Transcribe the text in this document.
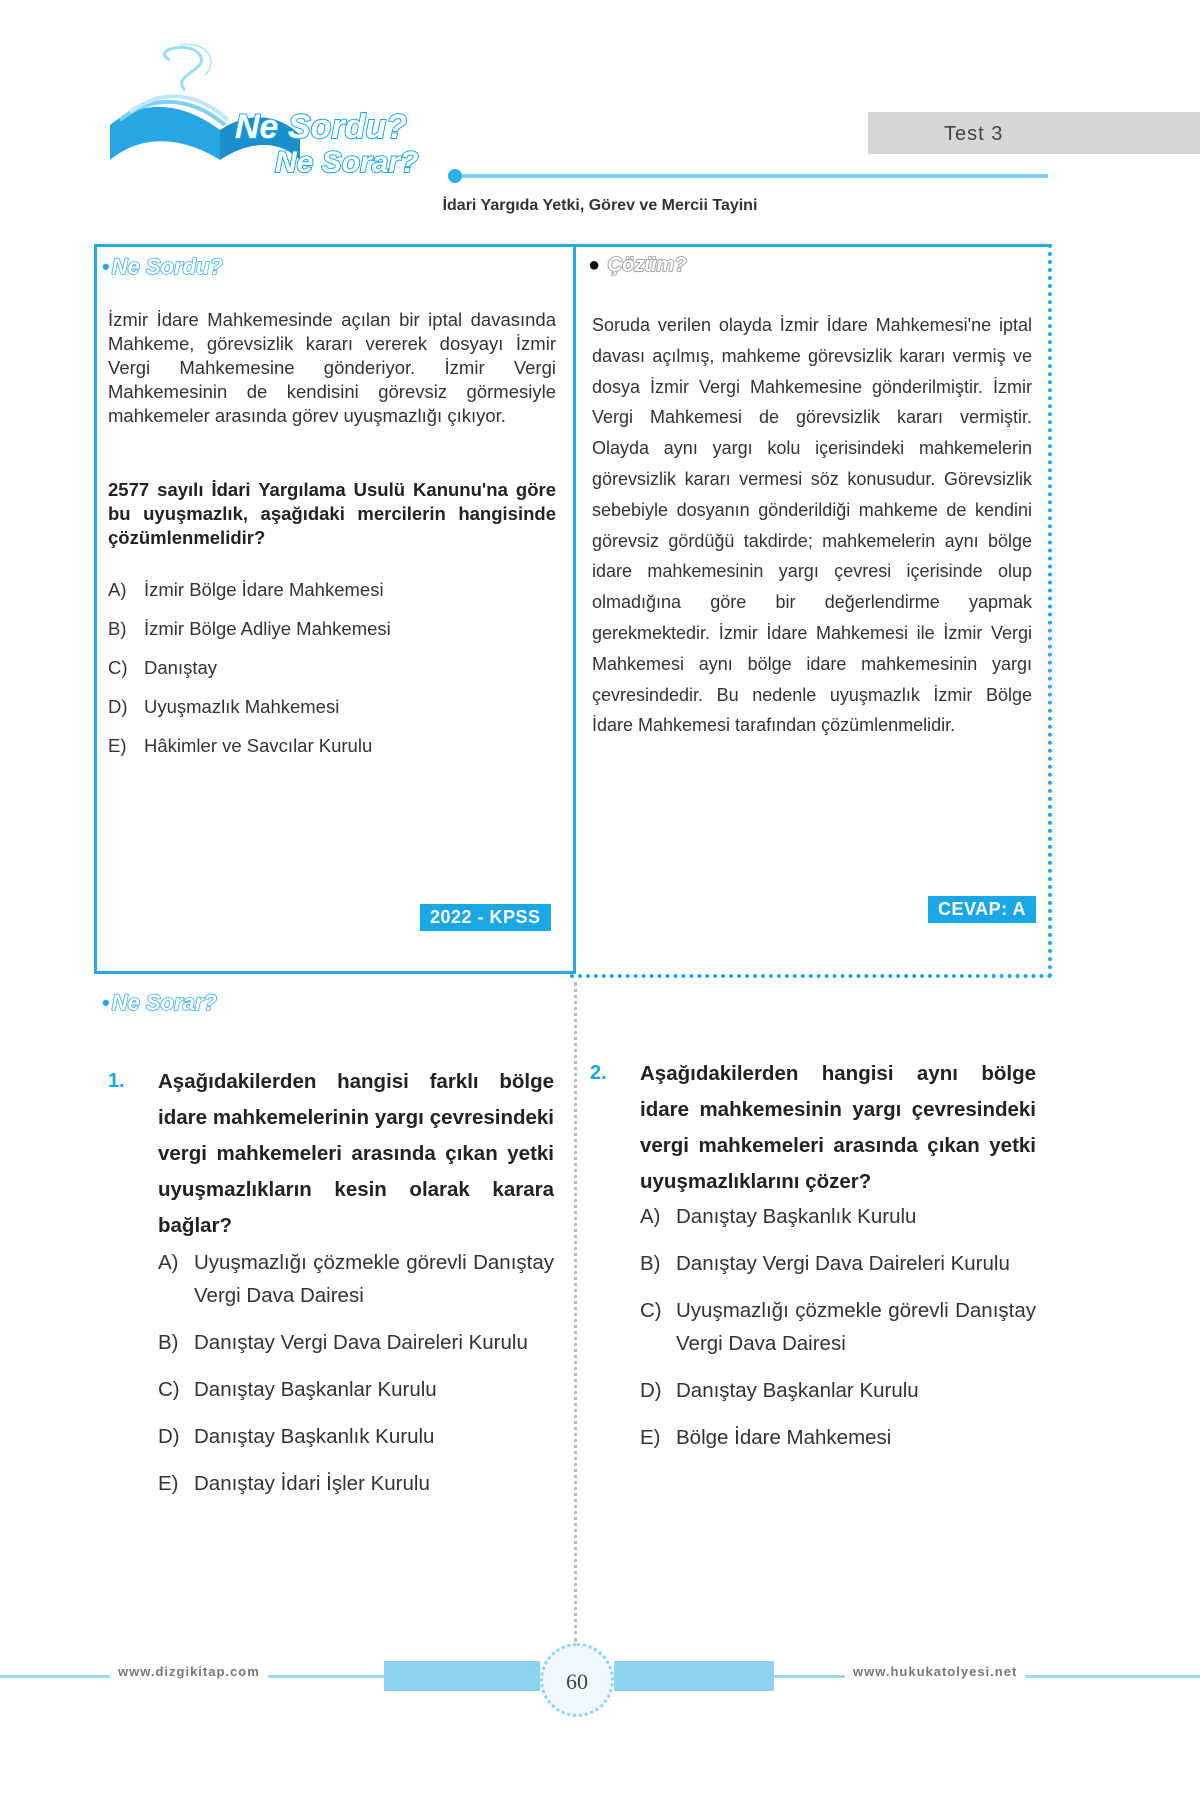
Ne Sordu?
Ne Sorar?
Test 3
İdari Yargıda Yetki, Görev ve Mercii Tayini
•Ne Sordu?
İzmir İdare Mahkemesinde açılan bir iptal davasında Mahkeme, görevsizlik kararı vererek dosyayı İzmir Vergi Mahkemesine gönderiyor. İzmir Vergi Mahkemesinin de kendisini görevsiz görmesiyle mahkemeler arasında görev uyuşmazlığı çıkıyor.
2577 sayılı İdari Yargılama Usulü Kanunu'na göre bu uyuşmazlık, aşağıdaki mercilerin hangisinde çözümlenmelidir?
A) İzmir Bölge İdare Mahkemesi
B) İzmir Bölge Adliye Mahkemesi
C) Danıştay
D) Uyuşmazlık Mahkemesi
E) Hâkimler ve Savcılar Kurulu
2022 - KPSS
● Çözüm?
Soruda verilen olayda İzmir İdare Mahkemesi'ne iptal davası açılmış, mahkeme görevsizlik kararı vermiş ve dosya İzmir Vergi Mahkemesine gönderilmiştir. İzmir Vergi Mahkemesi de görevsizlik kararı vermiştir. Olayda aynı yargı kolu içerisindeki mahkemelerin görevsizlik kararı vermesi söz konusudur. Görevsizlik sebebiyle dosyanın gönderildiği mahkeme de kendini görevsiz gördüğü takdirde; mahkemelerin aynı bölge idare mahkemesinin yargı çevresi içerisinde olup olmadığına göre bir değerlendirme yapmak gerekmektedir. İzmir İdare Mahkemesi ile İzmir Vergi Mahkemesi aynı bölge idare mahkemesinin yargı çevresindedir. Bu nedenle uyuşmazlık İzmir Bölge İdare Mahkemesi tarafından çözümlenmelidir.
CEVAP: A
•Ne Sorar?
1. Aşağıdakilerden hangisi farklı bölge idare mahkemelerinin yargı çevresindeki vergi mahkemeleri arasında çıkan yetki uyuşmazlıkların kesin olarak karara bağlar?
A) Uyuşmazlığı çözmekle görevli Danıştay Vergi Dava Dairesi
B) Danıştay Vergi Dava Daireleri Kurulu
C) Danıştay Başkanlar Kurulu
D) Danıştay Başkanlık Kurulu
E) Danıştay İdari İşler Kurulu
2. Aşağıdakilerden hangisi aynı bölge idare mahkemesinin yargı çevresindeki vergi mahkemeleri arasında çıkan yetki uyuşmazlıklarını çözer?
A) Danıştay Başkanlık Kurulu
B) Danıştay Vergi Dava Daireleri Kurulu
C) Uyuşmazlığı çözmekle görevli Danıştay Vergi Dava Dairesi
D) Danıştay Başkanlar Kurulu
E) Bölge İdare Mahkemesi
www.dizgikitap.com	www.hukukatolyesi.net
60
